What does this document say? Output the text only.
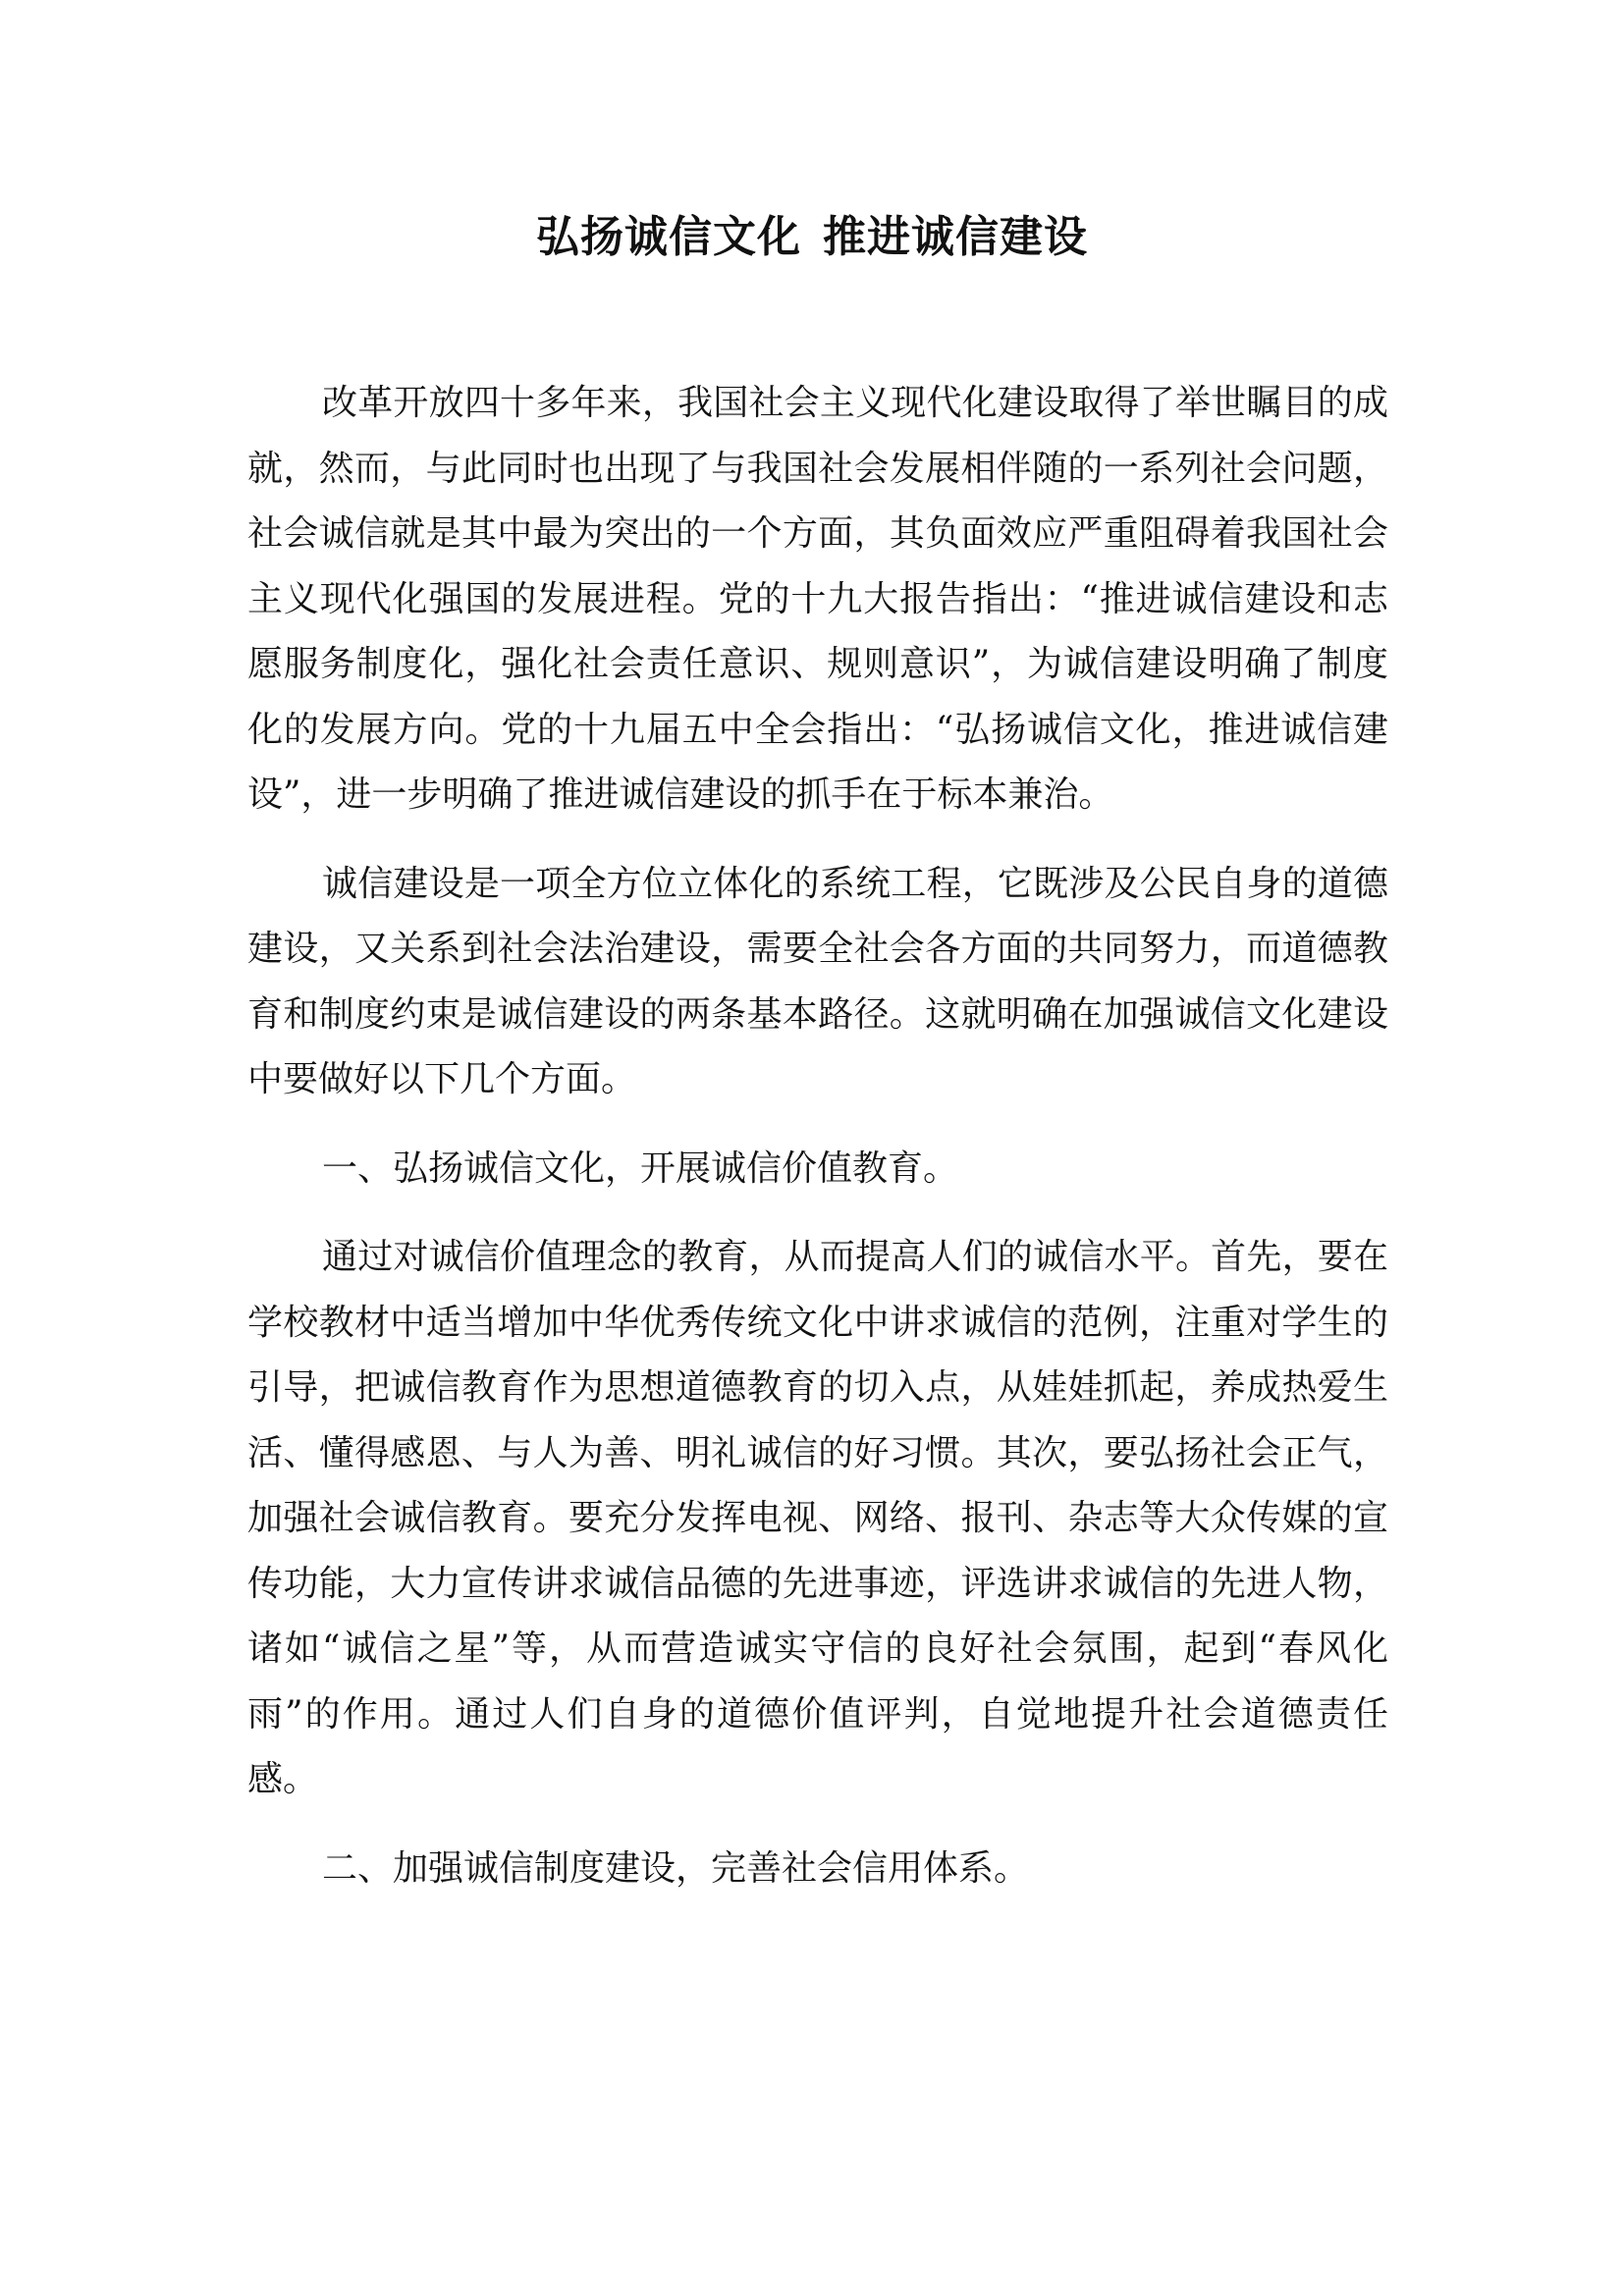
弘扬诚信文化 推进诚信建设

改革开放四十多年来，我国社会主义现代化建设取得了举世瞩目的成就，然而，与此同时也出现了与我国社会发展相伴随的一系列社会问题，社会诚信就是其中最为突出的一个方面，其负面效应严重阻碍着我国社会主义现代化强国的发展进程。党的十九大报告指出：“推进诚信建设和志愿服务制度化，强化社会责任意识、规则意识”，为诚信建设明确了制度化的发展方向。党的十九届五中全会指出：“弘扬诚信文化，推进诚信建设”，进一步明确了推进诚信建设的抓手在于标本兼治。

诚信建设是一项全方位立体化的系统工程，它既涉及公民自身的道德建设，又关系到社会法治建设，需要全社会各方面的共同努力，而道德教育和制度约束是诚信建设的两条基本路径。这就明确在加强诚信文化建设中要做好以下几个方面。

一、弘扬诚信文化，开展诚信价值教育。

通过对诚信价值理念的教育，从而提高人们的诚信水平。首先，要在学校教材中适当增加中华优秀传统文化中讲求诚信的范例，注重对学生的引导，把诚信教育作为思想道德教育的切入点，从娃娃抓起，养成热爱生活、懂得感恩、与人为善、明礼诚信的好习惯。其次，要弘扬社会正气，加强社会诚信教育。要充分发挥电视、网络、报刊、杂志等大众传媒的宣传功能，大力宣传讲求诚信品德的先进事迹，评选讲求诚信的先进人物，诸如“诚信之星”等，从而营造诚实守信的良好社会氛围，起到“春风化雨”的作用。通过人们自身的道德价值评判，自觉地提升社会道德责任感。

二、加强诚信制度建设，完善社会信用体系。
